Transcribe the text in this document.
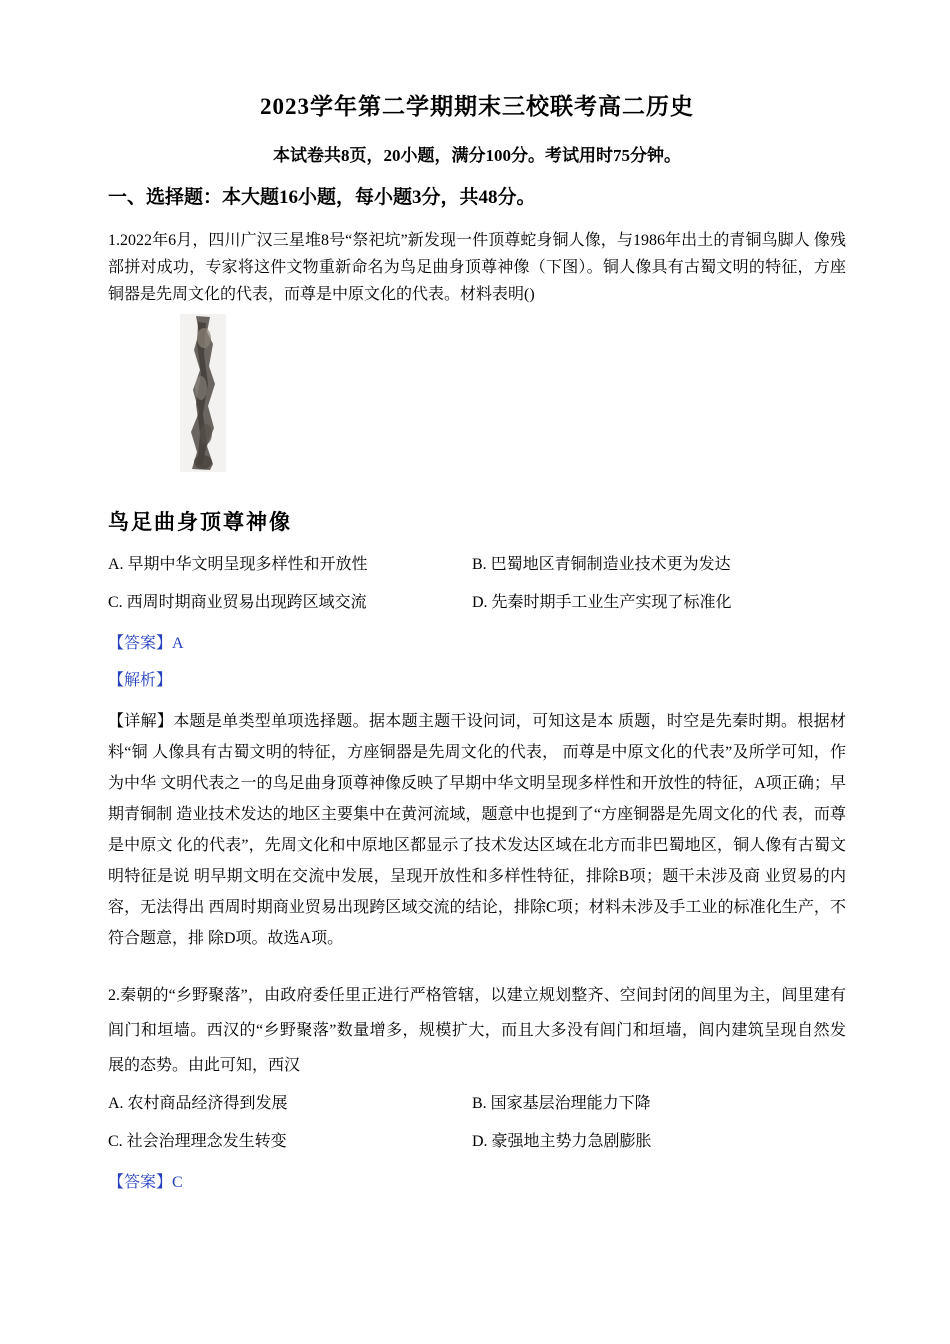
2023学年第二学期期末三校联考高二历史
本试卷共8页，20小题，满分100分。考试用时75分钟。
一、选择题：本大题16小题，每小题3分，共48分。

1.2022年6月，四川广汉三星堆8号“祭祀坑”新发现一件顶尊蛇身铜人像，与1986年出土的青铜鸟脚人 像残部拼对成功，专家将这件文物重新命名为鸟足曲身顶尊神像（下图）。铜人像具有古蜀文明的特征，方座 铜器是先周文化的代表，而尊是中原文化的代表。材料表明()

鸟足曲身顶尊神像
A. 早期中华文明呈现多样性和开放性	B. 巴蜀地区青铜制造业技术更为发达
C. 西周时期商业贸易出现跨区域交流	D. 先秦时期手工业生产实现了标准化
【答案】A
【解析】

【详解】本题是单类型单项选择题。据本题主题干设问词，可知这是本 质题，时空是先秦时期。根据材料“铜 人像具有古蜀文明的特征，方座铜器是先周文化的代表， 而尊是中原文化的代表”及所学可知，作为中华 文明代表之一的鸟足曲身顶尊神像反映了早期中华文明呈现多样性和开放性的特征，A项正确；早期青铜制 造业技术发达的地区主要集中在黄河流域，题意中也提到了“方座铜器是先周文化的代 表，而尊是中原文 化的代表”，先周文化和中原地区都显示了技术发达区域在北方而非巴蜀地区，铜人像有古蜀文明特征是说 明早期文明在交流中发展，呈现开放性和多样性特征，排除B项；题干未涉及商 业贸易的内容，无法得出 西周时期商业贸易出现跨区域交流的结论，排除C项；材料未涉及手工业的标准化生产，不符合题意，排 除D项。故选A项。

2.秦朝的“乡野聚落”，由政府委任里正进行严格管辖，以建立规划整齐、空间封闭的闾里为主，闾里建有 闾门和垣墙。西汉的“乡野聚落”数量增多，规模扩大，而且大多没有闾门和垣墙，闾内建筑呈现自然发 展的态势。由此可知，西汉

A. 农村商品经济得到发展	B. 国家基层治理能力下降
C. 社会治理理念发生转变	D. 豪强地主势力急剧膨胀
【答案】C
